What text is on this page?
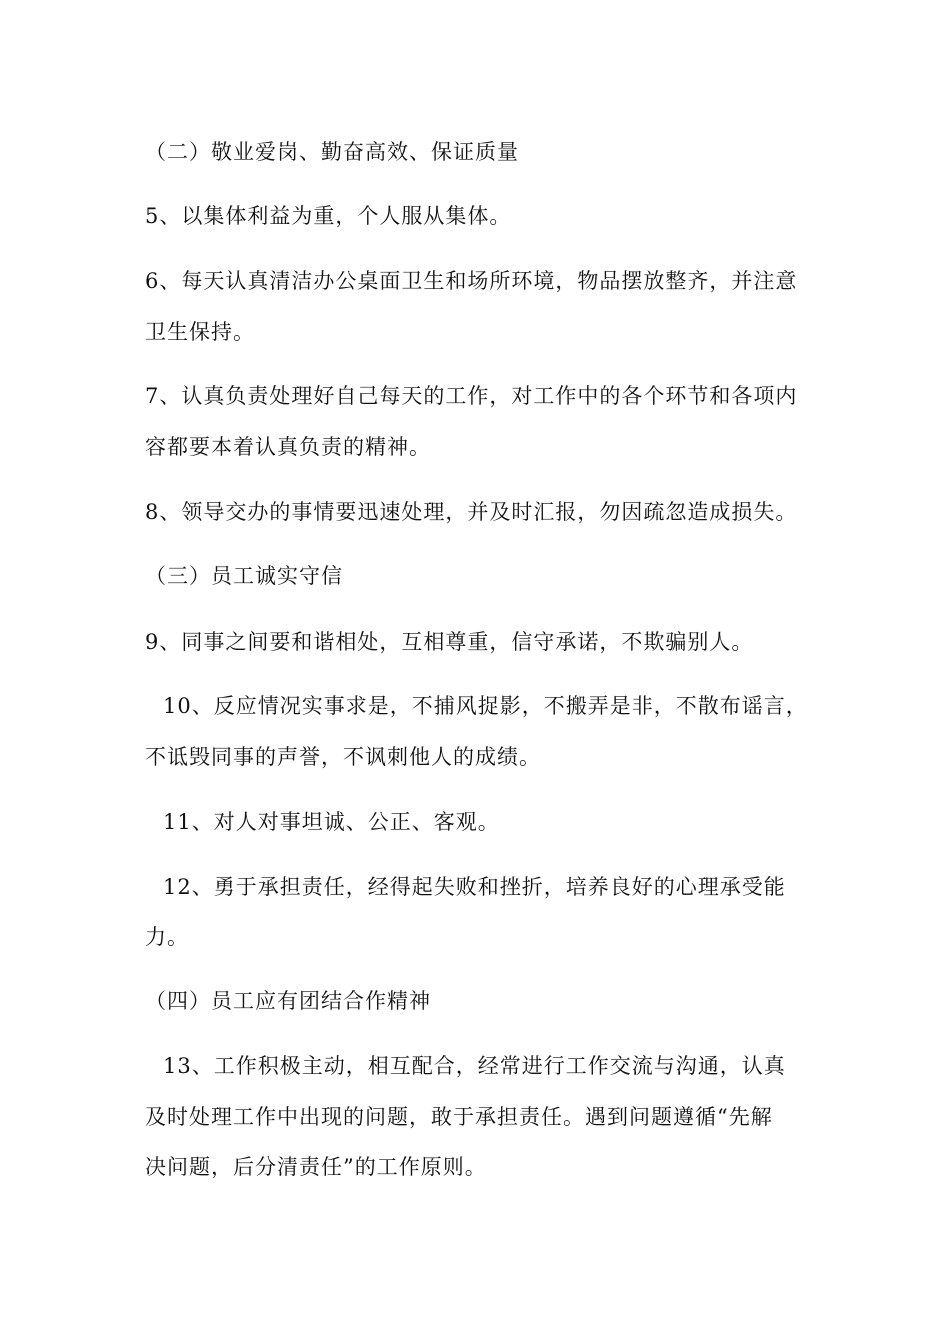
（二）敬业爱岗、勤奋高效、保证质量
5、以集体利益为重，个人服从集体。
6、每天认真清洁办公桌面卫生和场所环境，物品摆放整齐，并注意
卫生保持。
7、认真负责处理好自己每天的工作，对工作中的各个环节和各项内
容都要本着认真负责的精神。
8、领导交办的事情要迅速处理，并及时汇报，勿因疏忽造成损失。
（三）员工诚实守信
9、同事之间要和谐相处，互相尊重，信守承诺，不欺骗别人。
10、反应情况实事求是，不捕风捉影，不搬弄是非，不散布谣言，
不诋毁同事的声誉，不讽刺他人的成绩。
11、对人对事坦诚、公正、客观。
12、勇于承担责任，经得起失败和挫折，培养良好的心理承受能
力。
（四）员工应有团结合作精神
13、工作积极主动，相互配合，经常进行工作交流与沟通，认真
及时处理工作中出现的问题，敢于承担责任。遇到问题遵循“先解
决问题，后分清责任”的工作原则。
